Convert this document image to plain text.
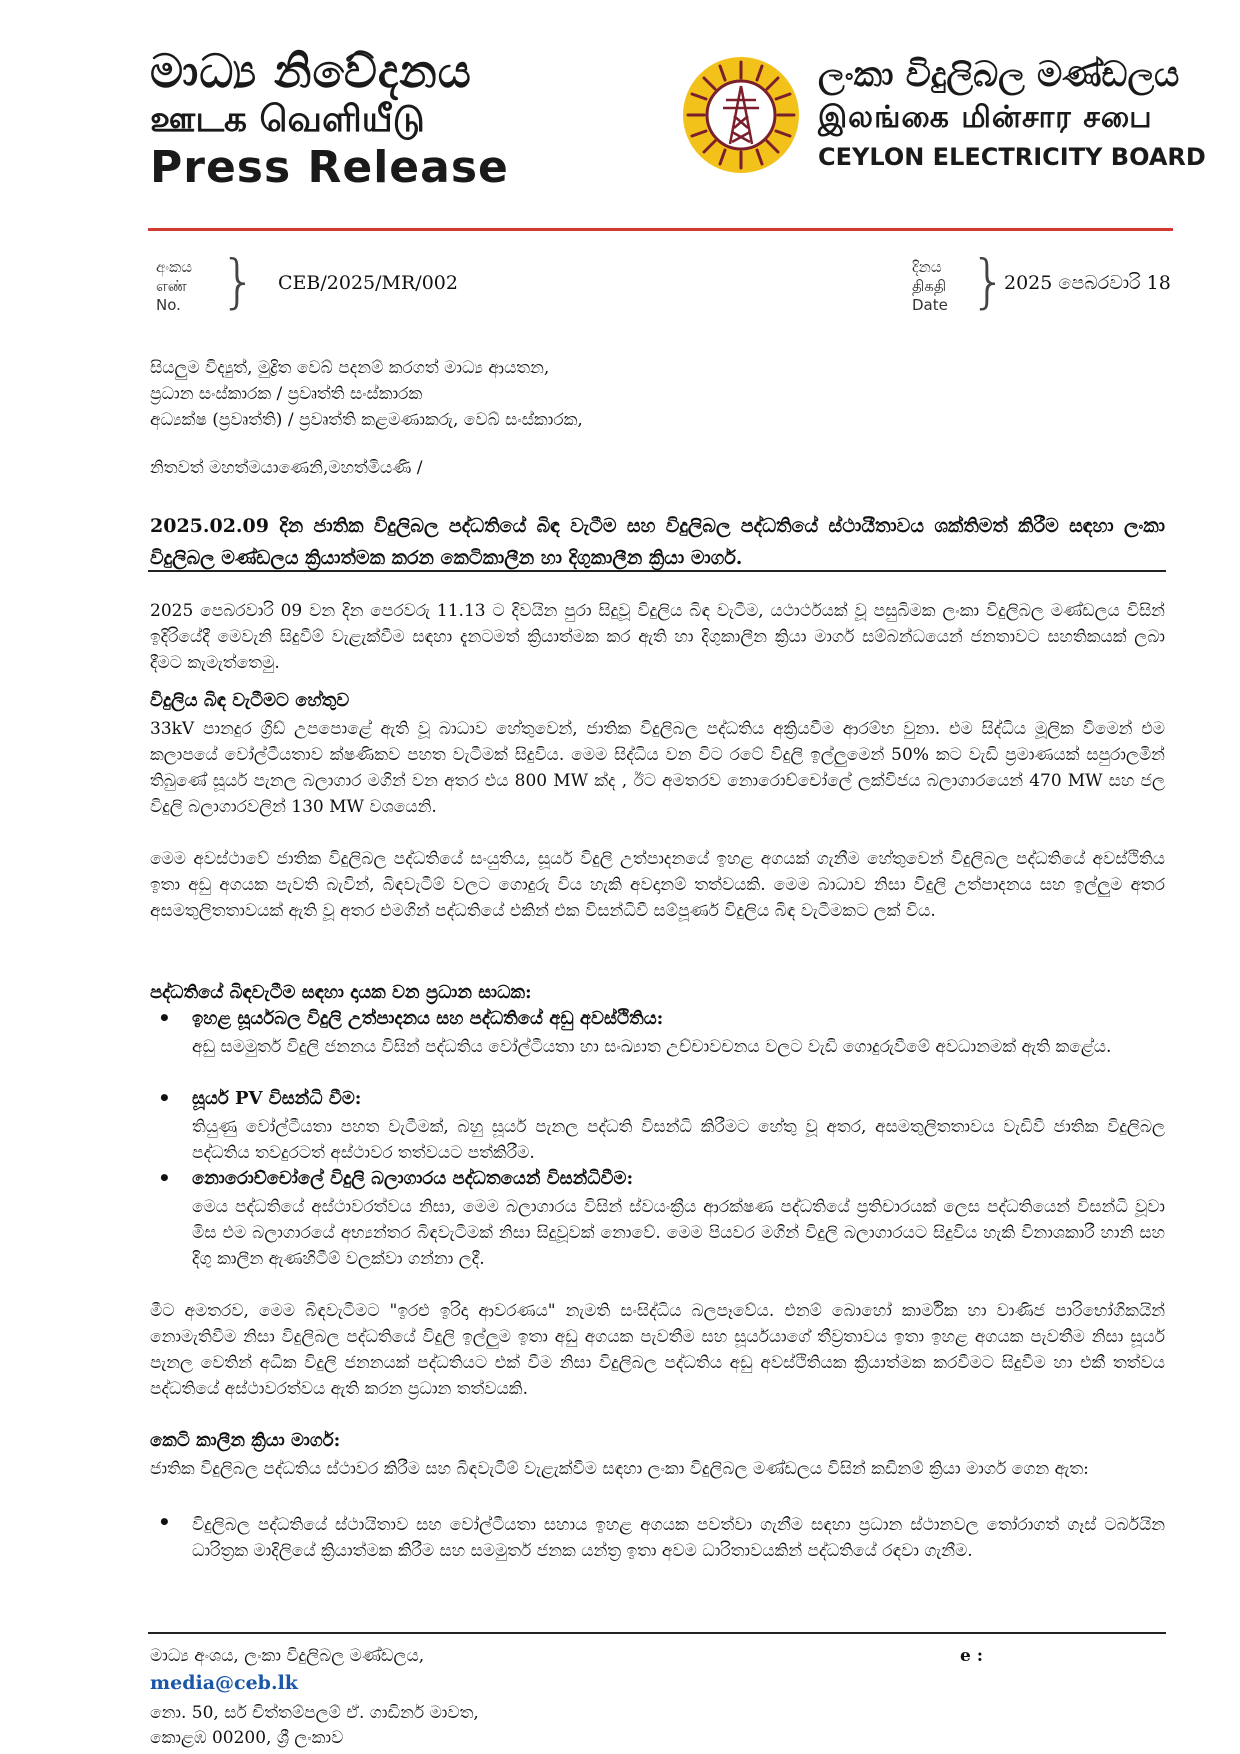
මාධ්‍ය නිවේදනය
ஊடக வெளியீடு
Press Release
ලංකා විදුලිබල මණ්ඩලය
இலங்கை மின்சார சபை
CEYLON ELECTRICITY BOARD
අංකය
எண்
No. } CEB/2025/MR/002
දිනය
திகதி
Date }
2025 පෙබරවාරි 18
සියලුම විද්‍යුත්, මුද්‍රිත වෙබ් පදනම් කරගත් මාධ්‍ය ආයතන,
ප්‍රධාන සංස්කාරක / ප්‍රවෘත්ති සංස්කාරක
අධ්‍යක්ෂ (ප්‍රවෘත්ති) / ප්‍රවෘත්ති කළමණාකරු, වෙබ් සංස්කාරක,
නිතවත් මහත්මයාණෙනි,මහත්මියණි /
2025.02.09 දින ජාතික විදුලිබල පද්ධතියේ බිඳ වැටීම සහ විදුලිබල පද්ධතියේ ස්ථායීතාවය ශක්තිමත් කිරීම සඳහා ලංකා විදුලිබල මණ්ඩලය ක්‍රියාත්මක කරන කෙටිකාලීන හා දිගුකාලීන ක්‍රියා මාර්ග.
2025 පෙබරවාරි 09 වන දින පෙරවරු 11.13 ට දිවයින පුරා සිදුවූ විදුලිය බිඳ වැටීම, යථාර්ථයක් වූ පසුබිමක ලංකා විදුලිබල මණ්ඩලය විසින් ඉදිරියේදී මෙවැනි සිදුවීම් වැළැක්වීම සඳහා දැනටමත් ක්‍රියාත්මක කර ඇති හා දිගුකාලීන ක්‍රියා මාර්ග සම්බන්ධයෙන් ජනතාවට සහතිකයක් ලබා දීමට කැමැත්තෙමු.
විදුලිය බිඳ වැටීමට හේතුව
33kV පානදුර ග්‍රිඩ් උපපොළේ ඇති වූ බාධාව හේතුවෙන්, ජාතික විදුලිබල පද්ධතිය අක්‍රියවීම ආරම්භ වුනා. එම සිද්ධිය මූලික වීමෙන් එම කලාපයේ වෝල්ටීයතාව ක්ෂණිකව පහත වැටීමක් සිදුවිය. මෙම සිද්ධිය වන විට රටේ විදුලි ඉල්ලුමෙන් 50% කට වැඩි ප්‍රමාණයක් සපුරාලමින් තිබුණේ සූර්ය පැනල බලාගාර මගින් වන අතර එය 800 MW ක්ද , ඊට අමතරව නොරොච්චෝලේ ලක්විජය බලාගාරයෙන් 470 MW සහ ජල විදුලි බලාගාරවලින් 130 MW වශයෙනි.
මෙම අවස්ථාවේ ජාතික විදුලිබල පද්ධතියේ සංයුතිය, සූර්ය විදුලි උත්පාදනයේ ඉහළ අගයක් ගැනීම හේතුවෙන් විදුලිබල පද්ධතියේ අවස්ථිතිය ඉතා අඩු අගයක පැවති බැවින්, බිඳවැටීම් වලට ගොදුරු විය හැකි අවදානම් තත්වයකි. මෙම බාධාව නිසා විදුලි උත්පාදනය සහ ඉල්ලුම අතර අසමතුලිතතාවයක් ඇති වූ අතර එමගින් පද්ධතියේ එකින් එක විසන්ධිවී සම්පූර්ණ විදුලිය බිඳ වැටීමකට ලක් විය.
පද්ධතියේ බිඳවැටීම සඳහා දායක වන ප්‍රධාන සාධක:
• ඉහළ සූර්යබල විදුලි උත්පාදනය සහ පද්ධතියේ අඩු අවස්ථිතිය:
අඩු සමමුර්ත විදුලි ජනනය විසින් පද්ධතිය වෝල්ටීයතා හා සංඛ්‍යාත උච්චාවචනය වලට වැඩි ගොදුරුවීමේ අවධානමක් ඇති කළේය.
• සූර්ය PV විසන්ධි වීම:
තියුණු වෝල්ටීයතා පහත වැටීමක්, බහු සූර්ය පැනල පද්ධති විසන්ධි කිරීමට හේතු වූ අතර, අසමතුලිතතාවය වැඩිවී ජාතික විදුලිබල පද්ධතිය තවදුරටත් අස්ථාවර තත්වයට පත්කිරීම.
• නොරොච්චෝලේ විදුලි බලාගාරය පද්ධතයෙන් විසන්ධිවීම:
මෙය පද්ධතියේ අස්ථාවරත්වය නිසා, මෙම බලාගාරය විසින් ස්වයංක්‍රීය ආරක්ෂණ පද්ධතියේ ප්‍රතිචාරයක් ලෙස පද්ධතියෙන් විසන්ධි වූවා මිස එම බලාගාරයේ අභ්‍යන්තර බිඳවැටීමක් නිසා සිදුවූවක් නොවේ. මෙම පියවර මගින් විදුලි බලාගාරයට සිදුවිය හැකි විනාශකාරී හානි සහ දිගු කාලීන ඇණහිටීම් වලක්වා ගන්නා ලදී.
මීට අමතරව, මෙම බිඳවැටීමට "ඉරළු ඉරිදා ආවරණය" නැමති සංසිද්ධිය බලපෑවේය. එනම් බොහෝ කාර්මික හා වාණිජ පාරිභෝගිකයින් නොමැතිවීම නිසා විදුලිබල පද්ධතියේ විදුලි ඉල්ලුම ඉතා අඩු අගයක පැවතීම සහ සූර්යයාගේ තීව්‍රතාවය ඉතා ඉහළ අගයක පැවතීම නිසා සූර්ය පැනල වෙතින් අධික විදුලි ජනනයක් පද්ධතියට එක් වීම නිසා විදුලිබල පද්ධතිය අඩු අවස්ථිතියක ක්‍රියාත්මක කරවීමට සිදුවීම හා එකී තත්වය පද්ධතියේ අස්ථාවරත්වය ඇති කරන ප්‍රධාන තත්වයකි.
කෙටි කාලීන ක්‍රියා මාර්ග:
ජාතික විදුලිබල පද්ධතිය ස්ථාවර කිරීම සහ බිඳවැටීම් වැළැක්වීම සඳහා ලංකා විදුලිබල මණ්ඩලය විසින් කඩිනම් ක්‍රියා මාර්ග ගෙන ඇත:
• විදුලිබල පද්ධතියේ ස්ථායිතාව සහ වෝල්ටීයතා සහාය ඉහළ අගයක පවත්වා ගැනීම සඳහා ප්‍රධාන ස්ථානවල තෝරාගත් ගෑස් ටර්බයින ධාරිත්‍රක මාදිලියේ ක්‍රියාත්මක කිරීම සහ සමමුර්ත ජනක යන්ත්‍ර ඉතා අවම ධාරිතාවයකින් පද්ධතියේ රඳවා ගැනීම.
මාධ්‍ය අංශය, ලංකා විදුලිබල මණ්ඩලය,	e :
media@ceb.lk
නො. 50, සර් චිත්තම්පලම් ඒ. ගාඩිනර් මාවත,
කොළඹ 00200, ශ්‍රී ලංකාව
